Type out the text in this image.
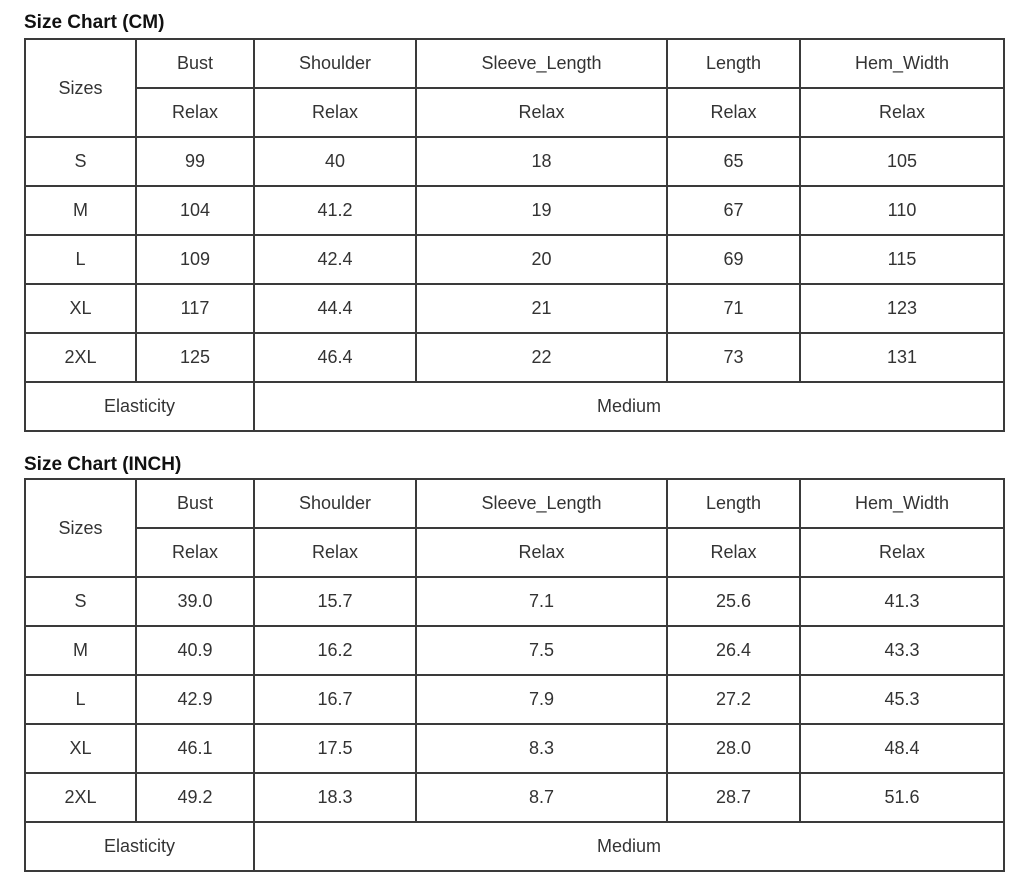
Size Chart (CM)
Sizes	Bust	Shoulder	Sleeve_Length	Length	Hem_Width
	Relax	Relax	Relax	Relax	Relax
S	99	40	18	65	105
M	104	41.2	19	67	110
L	109	42.4	20	69	115
XL	117	44.4	21	71	123
2XL	125	46.4	22	73	131
Elasticity		Medium			
Size Chart (INCH)
Sizes	Bust	Shoulder	Sleeve_Length	Length	Hem_Width
	Relax	Relax	Relax	Relax	Relax
S	39.0	15.7	7.1	25.6	41.3
M	40.9	16.2	7.5	26.4	43.3
L	42.9	16.7	7.9	27.2	45.3
XL	46.1	17.5	8.3	28.0	48.4
2XL	49.2	18.3	8.7	28.7	51.6
Elasticity		Medium			
